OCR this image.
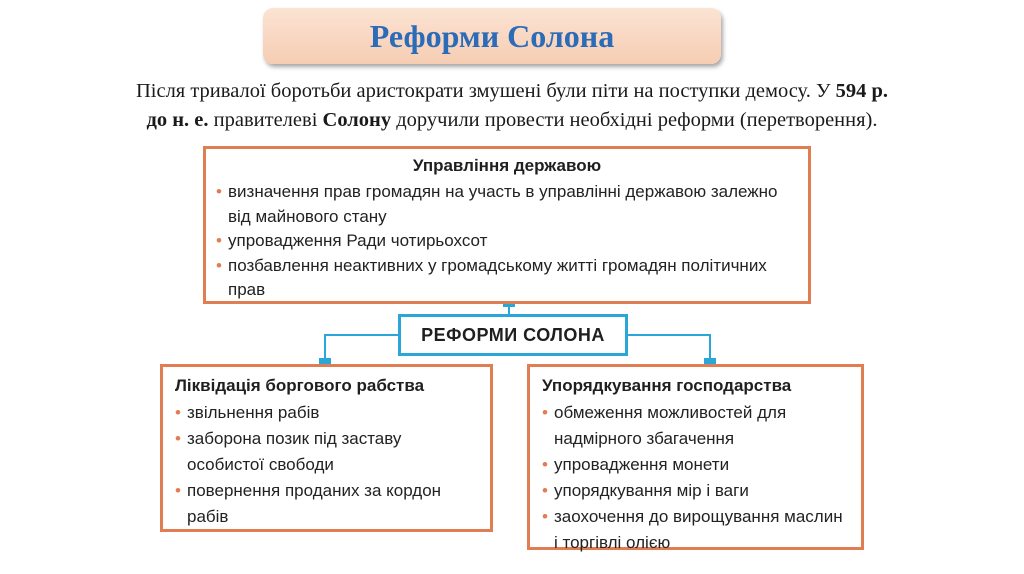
Реформи Солона
Після тривалої боротьби аристократи змушені були піти на поступки демосу. У 594 р.
до н. е. правителеві Солону доручили провести необхідні реформи (перетворення).
Управління державою
• визначення прав громадян на участь в управлінні державою залежно від майнового стану
• упровадження Ради чотирьохсот
• позбавлення неактивних у громадському житті громадян політичних прав
РЕФОРМИ СОЛОНА
Ліквідація боргового рабства
• звільнення рабів
• заборона позик під заставу особистої свободи
• повернення проданих за кордон рабів
Упорядкування господарства
• обмеження можливостей для надмірного збагачення
• упровадження монети
• упорядкування мір і ваги
• заохочення до вирощування маслин і торгівлі олією
